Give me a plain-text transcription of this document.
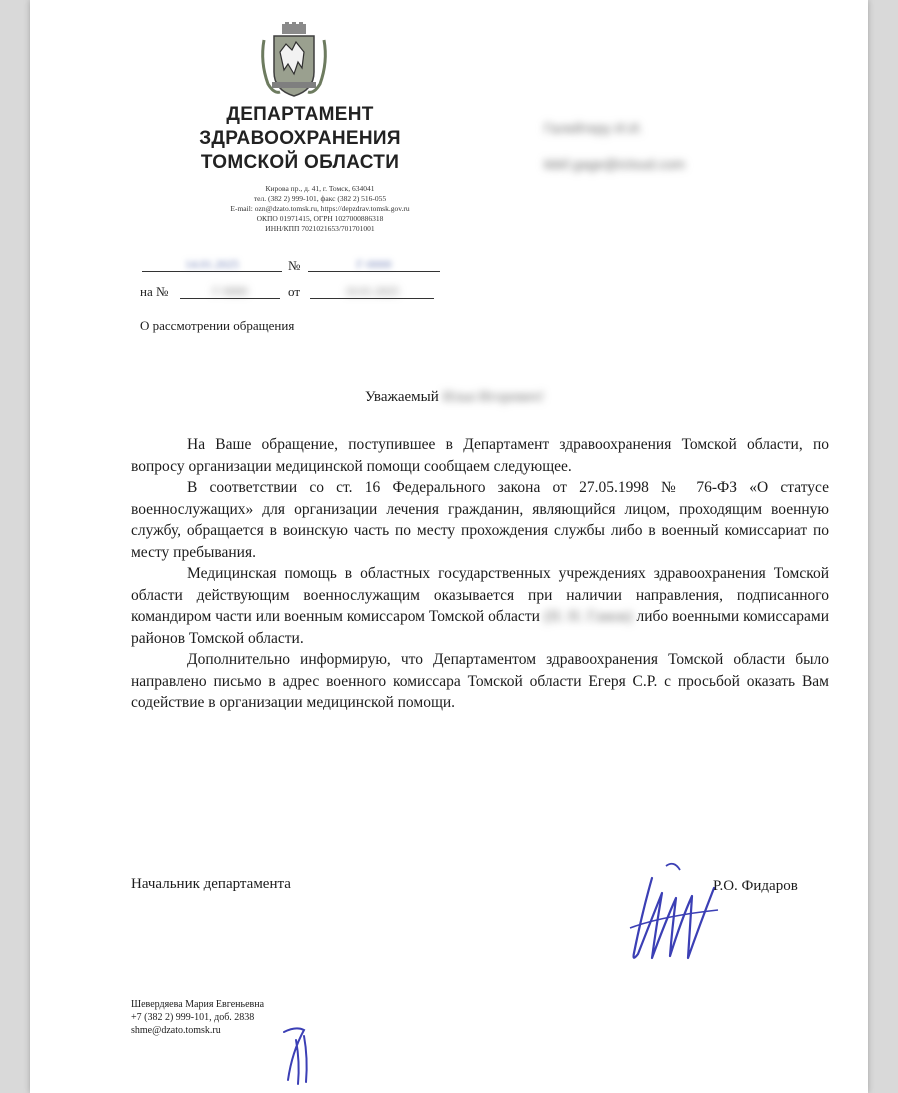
ДЕПАРТАМЕНТ
ЗДРАВООХРАНЕНИЯ
ТОМСКОЙ ОБЛАСТИ
Кирова пр., д. 41, г. Томск, 634041
тел. (382 2) 999-101, факс (382 2) 516-055
E-mail: ozn@dzato.tomsk.ru, https://depzdrav.tomsk.gov.ru
ОКПО 01971415, ОГРН 1027000886318
ИНН/КПП 7021021653/701701001
Галейтеру И.И.
kkkf.gage@icloud.com
14.01.2025	№	Г-0000
на №	Г-0000	от	10.01.2025
О рассмотрении обращения
Уважаемый Илья Игоревич!

На Ваше обращение, поступившее в Департамент здравоохранения Томской области, по вопросу организации медицинской помощи сообщаем следующее.

В соответствии со ст. 16 Федерального закона от 27.05.1998 № 76-ФЗ «О статусе военнослужащих» для организации лечения гражданин, являющийся лицом, проходящим военную службу, обращается в воинскую часть по месту прохождения службы либо в военный комиссариат по месту пребывания.

Медицинская помощь в областных государственных учреждениях здравоохранения Томской области действующим военнослужащим оказывается при наличии направления, подписанного командиром части или военным комиссаром Томской области (Н. Н. Гамов) либо военными комиссарами районов Томской области.

Дополнительно информирую, что Департаментом здравоохранения Томской области было направлено письмо в адрес военного комиссара Томской области Егеря С.Р. с просьбой оказать Вам содействие в организации медицинской помощи.

Начальник департамента	Р.О. Фидаров
Шевердяева Мария Евгеньевна
+7 (382 2) 999-101, доб. 2838
shme@dzato.tomsk.ru
